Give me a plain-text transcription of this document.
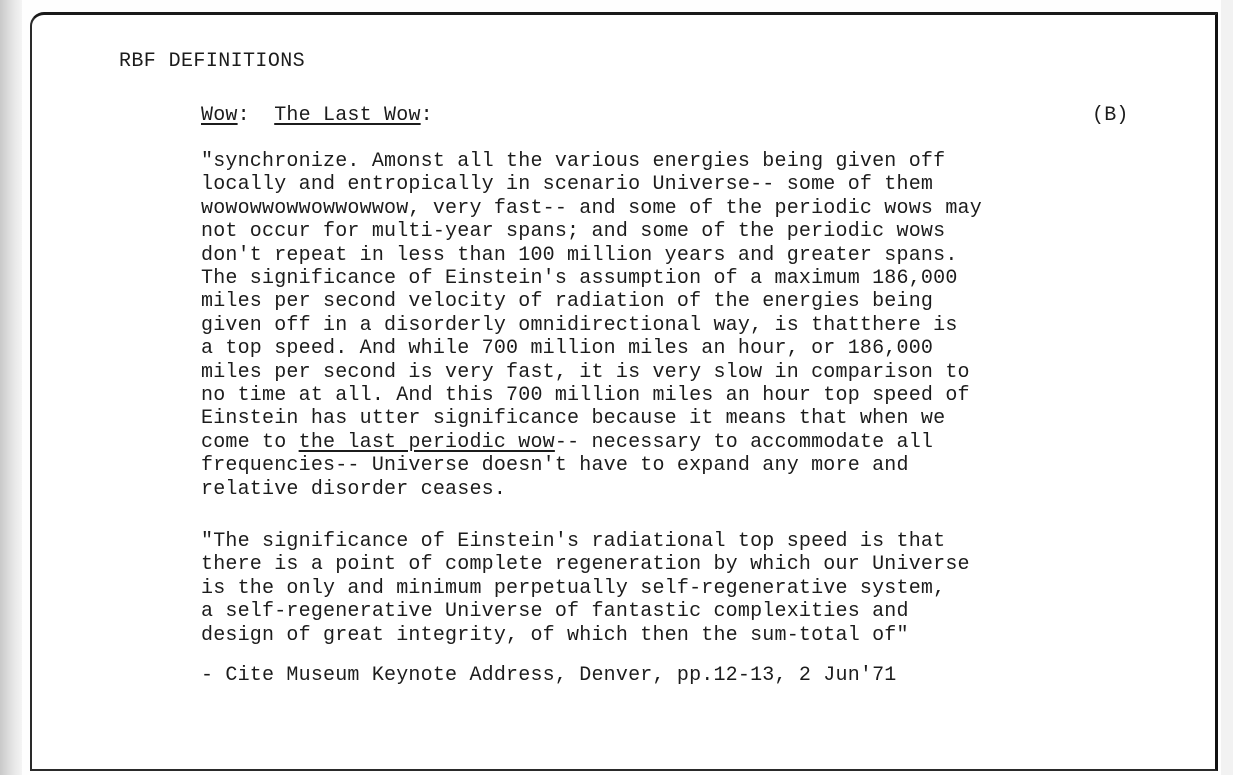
RBF DEFINITIONS
Wow: The Last Wow:	(B)
"synchronize. Amonst all the various energies being given off
locally and entropically in scenario Universe-- some of them
wowowwowwowwowwow, very fast-- and some of the periodic wows may
not occur for multi-year spans; and some of the periodic wows
don't repeat in less than 100 million years and greater spans.
The significance of Einstein's assumption of a maximum 186,000
miles per second velocity of radiation of the energies being
given off in a disorderly omnidirectional way, is thatthere is
a top speed. And while 700 million miles an hour, or 186,000
miles per second is very fast, it is very slow in comparison to
no time at all. And this 700 million miles an hour top speed of
Einstein has utter significance because it means that when we
come to the last periodic wow-- necessary to accommodate all
frequencies-- Universe doesn't have to expand any more and
relative disorder ceases.
"The significance of Einstein's radiational top speed is that
there is a point of complete regeneration by which our Universe
is the only and minimum perpetually self-regenerative system,
a self-regenerative Universe of fantastic complexities and
design of great integrity, of which then the sum-total of"
- Cite Museum Keynote Address, Denver, pp.12-13, 2 Jun'71
